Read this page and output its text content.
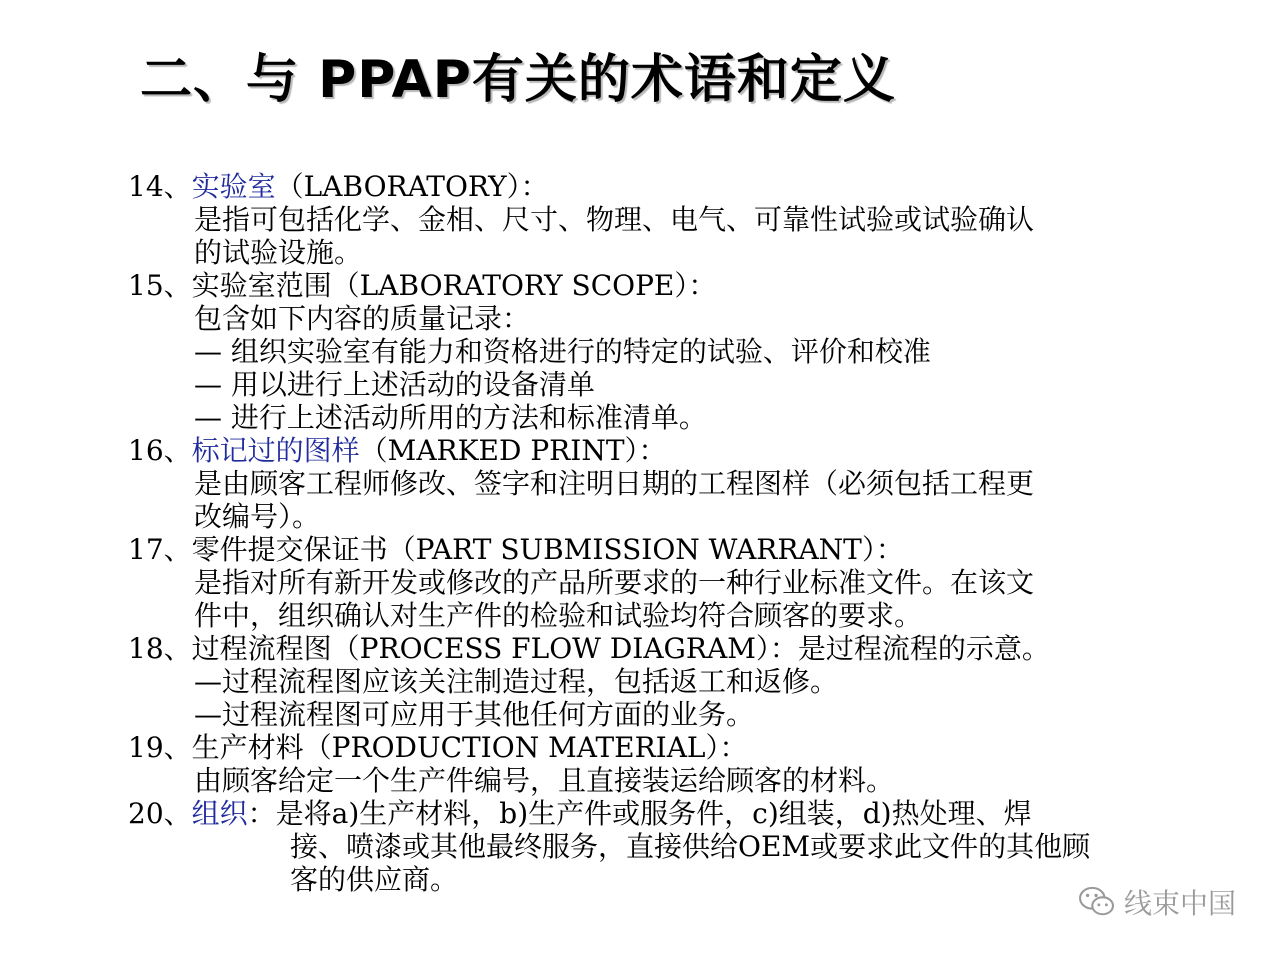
二、与 PPAP有关的术语和定义
14、实验室（LABORATORY）：
是指可包括化学、金相、尺寸、物理、电气、可靠性试验或试验确认
的试验设施。
15、实验室范围（LABORATORY SCOPE）：
包含如下内容的质量记录：
— 组织实验室有能力和资格进行的特定的试验、评价和校准
— 用以进行上述活动的设备清单
— 进行上述活动所用的方法和标准清单。
16、标记过的图样（MARKED PRINT）：
是由顾客工程师修改、签字和注明日期的工程图样（必须包括工程更
改编号）。
17、零件提交保证书（PART SUBMISSION WARRANT）：
是指对所有新开发或修改的产品所要求的一种行业标准文件。在该文
件中，组织确认对生产件的检验和试验均符合顾客的要求。
18、过程流程图（PROCESS FLOW DIAGRAM）：是过程流程的示意。
—过程流程图应该关注制造过程，包括返工和返修。
—过程流程图可应用于其他任何方面的业务。
19、生产材料（PRODUCTION MATERIAL）：
由顾客给定一个生产件编号，且直接装运给顾客的材料。
20、组织：是将a)生产材料，b)生产件或服务件，c)组装，d)热处理、焊
接、喷漆或其他最终服务，直接供给OEM或要求此文件的其他顾
客的供应商。
线束中国
